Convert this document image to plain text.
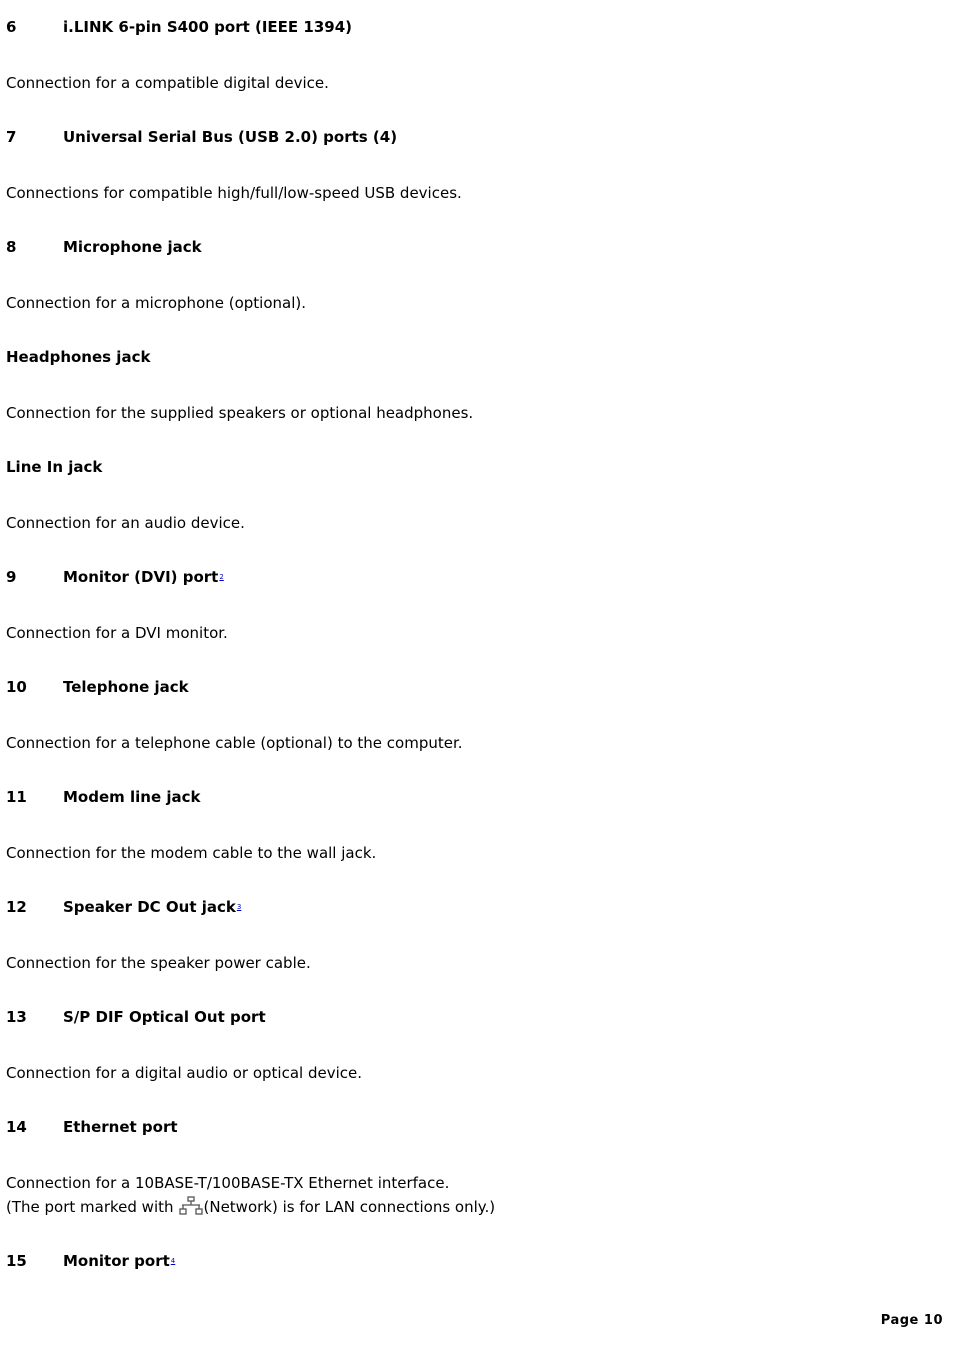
6	i.LINK 6-pin S400 port (IEEE 1394)
Connection for a compatible digital device.
7	Universal Serial Bus (USB 2.0) ports (4)
Connections for compatible high/full/low-speed USB devices.
8	Microphone jack
Connection for a microphone (optional).
Headphones jack
Connection for the supplied speakers or optional headphones.
Line In jack
Connection for an audio device.
9	Monitor (DVI) port 2
Connection for a DVI monitor.
10	Telephone jack
Connection for a telephone cable (optional) to the computer.
11	Modem line jack
Connection for the modem cable to the wall jack.
12	Speaker DC Out jack 3
Connection for the speaker power cable.
13	S/P DIF Optical Out port
Connection for a digital audio or optical device.
14	Ethernet port
Connection for a 10BASE-T/100BASE-TX Ethernet interface.
(The port marked with (Network) is for LAN connections only.)
15	Monitor port 4
Page 10
